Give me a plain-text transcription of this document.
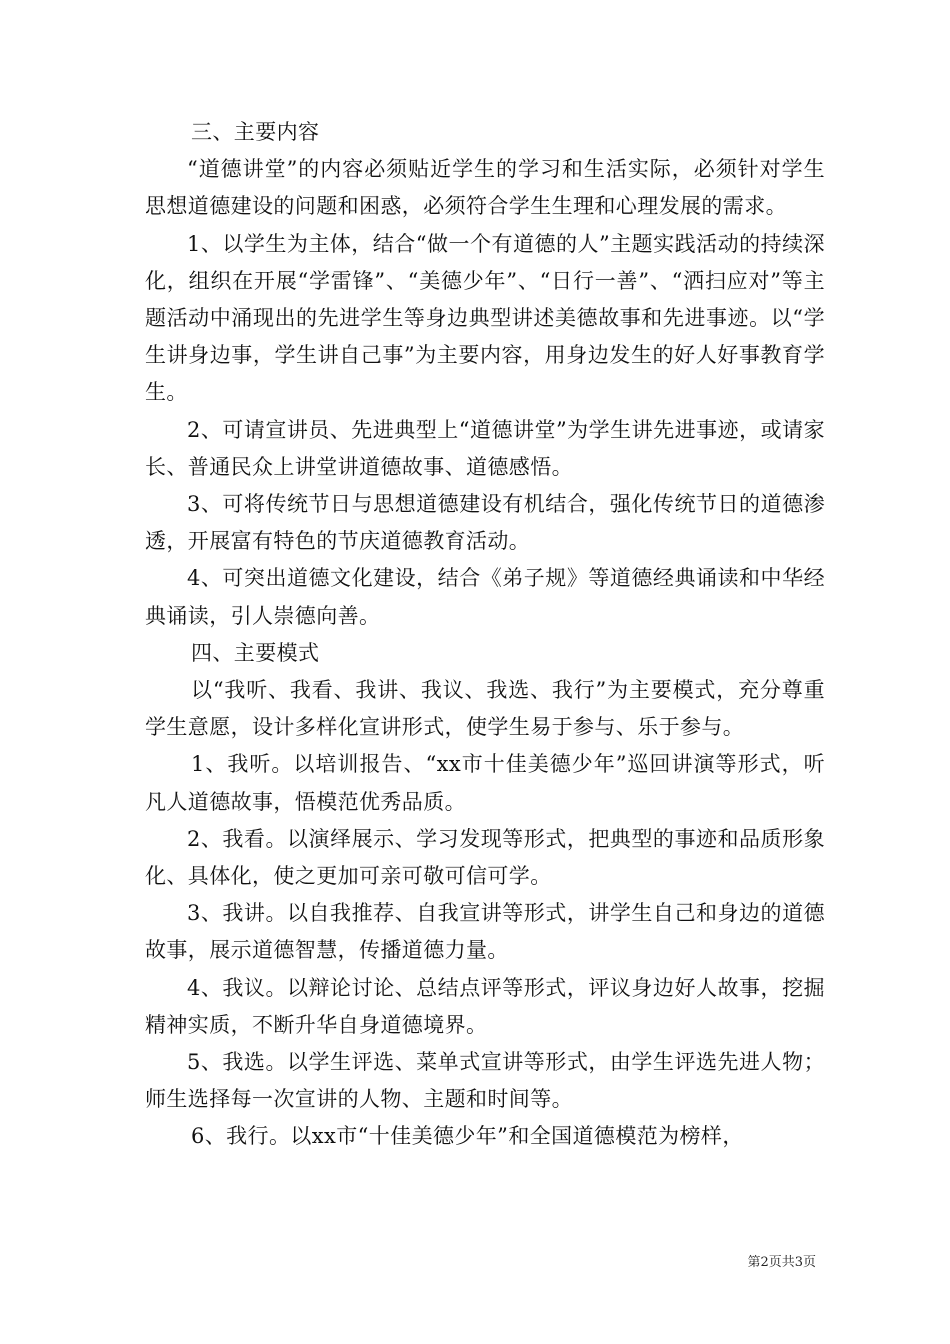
三、主要内容

“道德讲堂”的内容必须贴近学生的学习和生活实际，必须针对学生思想道德建设的问题和困惑，必须符合学生生理和心理发展的需求。

1、以学生为主体，结合“做一个有道德的人”主题实践活动的持续深化，组织在开展“学雷锋”、“美德少年”、“日行一善”、“洒扫应对”等主题活动中涌现出的先进学生等身边典型讲述美德故事和先进事迹。以“学生讲身边事，学生讲自己事”为主要内容，用身边发生的好人好事教育学生。

2、可请宣讲员、先进典型上“道德讲堂”为学生讲先进事迹，或请家长、普通民众上讲堂讲道德故事、道德感悟。

3、可将传统节日与思想道德建设有机结合，强化传统节日的道德渗透，开展富有特色的节庆道德教育活动。

4、可突出道德文化建设，结合《弟子规》等道德经典诵读和中华经典诵读，引人崇德向善。

四、主要模式

以“我听、我看、我讲、我议、我选、我行”为主要模式，充分尊重学生意愿，设计多样化宣讲形式，使学生易于参与、乐于参与。

1、我听。以培训报告、“xx市十佳美德少年”巡回讲演等形式，听凡人道德故事，悟模范优秀品质。

2、我看。以演绎展示、学习发现等形式，把典型的事迹和品质形象化、具体化，使之更加可亲可敬可信可学。

3、我讲。以自我推荐、自我宣讲等形式，讲学生自己和身边的道德故事，展示道德智慧，传播道德力量。

4、我议。以辩论讨论、总结点评等形式，评议身边好人故事，挖掘精神实质，不断升华自身道德境界。

5、我选。以学生评选、菜单式宣讲等形式，由学生评选先进人物；师生选择每一次宣讲的人物、主题和时间等。

6、我行。以xx市“十佳美德少年”和全国道德模范为榜样，

第2页共3页
